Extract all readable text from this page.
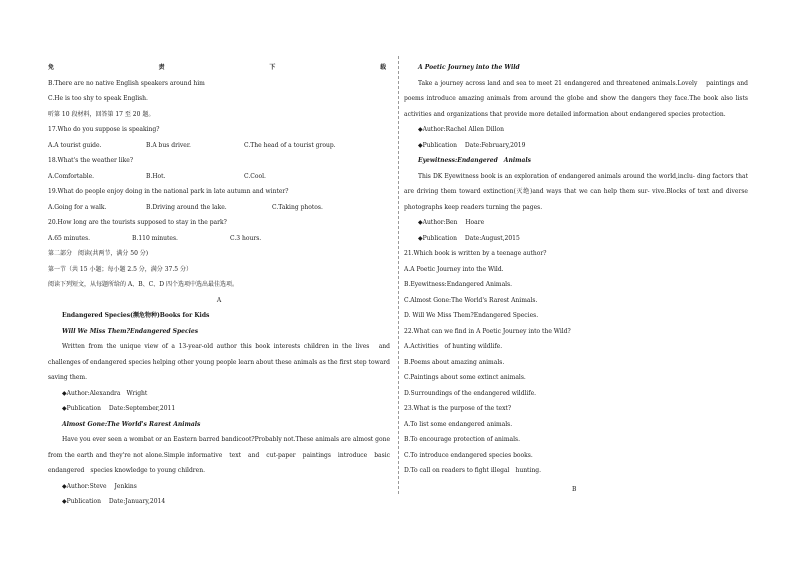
免	责	下	载
B.There are no native English speakers around him
C.He is too shy to speak English.
听第 10 段材料，回答第 17 至 20 题。
17.Who do you suppose is speaking?
A.A tourist guide.	B.A bus driver.	C.The head of a tourist group.
18.What's the weather like?
A.Comfortable.	B.Hot.	C.Cool.
19.What do people enjoy doing in the national park in late autumn and winter?
A.Going for a walk.	B.Driving around the lake.	C.Taking photos.
20.How long are the tourists supposed to stay in the park?
A.65 minutes.	B.110 minutes.	C.3 hours.
第二部分　阅读(共两节，满分 50 分)
第一节（共 15 小题；每小题 2.5 分，满分 37.5 分）
阅读下列短文，从每题所给的 A、B、C、D 四个选项中选出最佳选项。
A
Endangered Species(濒危物种)Books for Kids
Will We Miss Them?Endangered Species
Written from the unique view of a 13-year-old author this book interests children in the lives　and challenges of endangered species helping other young people learn about these animals as the first step toward saving them.
◆Author:Alexandra　Wright
◆Publication　 Date:September,2011
Almost Gone:The World's Rarest Animals
Have you ever seen a wombat or an Eastern barred bandicoot?Probably not.These animals are almost gone from the earth and they're not alone.Simple informative　text　and　cut-paper　paintings　introduce　basic　endangered　species knowledge to young children.
◆Author:Steve　 Jenkins
◆Publication　 Date:January,2014
A Poetic Journey into the Wild
Take a journey across land and sea to meet 21 endangered and threatened animals.Lovely　 paintings and poems introduce amazing animals from around the globe and show the dangers they face.The book also lists activities and organizations that provide more detailed information about endangered species protection.
◆Author:Rachel Allen Dillon
◆Publication　 Date:February,2019
Eyewitness:Endangered　Animals
This DK Eyewitness book is an exploration of endangered animals around the world,inclu- ding factors that are driving them toward extinction(灭绝)and ways that we can help them sur- vive.Blocks of text and diverse photographs keep readers turning the pages.
◆Author:Ben　 Hoare
◆Publication　 Date:August,2015
21.Which book is written by a teenage author?
A.A Poetic Journey into the Wild.
B.Eyewitness:Endangered Animals.
C.Almost Gone:The World's Rarest Animals.
D. Will We Miss Them?Endangered Species.
22.What can we find in A Poetic Journey into the Wild?
A.Activities　of hunting wildlife.
B.Poems about amazing animals.
C.Paintings about some extinct animals.
D.Surroundings of the endangered wildlife.
23.What is the purpose of the text?
A.To list some endangered animals.
B.To encourage protection of animals.
C.To introduce endangered species books.
D.To call on readers to fight illegal　hunting.
B
